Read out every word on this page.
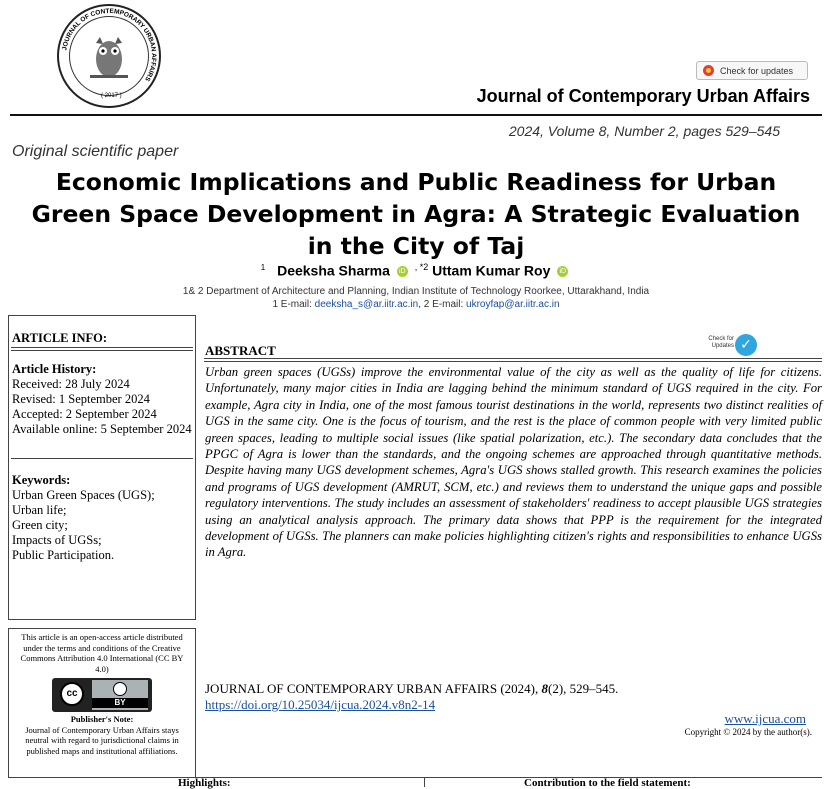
JOURNAL OF CONTEMPORARY URBAN AFFAIRS
( 2017 )
Check for updates
Journal of Contemporary Urban Affairs
2024, Volume 8, Number 2, pages 529–545
Original scientific paper
Economic Implications and Public Readiness for Urban
Green Space Development in Agra: A Strategic Evaluation
in the City of Taj
$^1$ Deeksha Sharma iD $^{, *2}$ Uttam Kumar Roy iD
1& 2 Department of Architecture and Planning, Indian Institute of Technology Roorkee, Uttarakhand, India
1 E-mail: deeksha_s@ar.iitr.ac.in, 2 E-mail: ukroyfap@ar.iitr.ac.in
ARTICLE INFO:
Article History:
Received: 28 July 2024
Revised: 1 September 2024
Accepted: 2 September 2024
Available online: 5 September 2024
Keywords:
Urban Green Spaces (UGS);
Urban life;
Green city;
Impacts of UGSs;
Public Participation.
This article is an open-access article distributed under the terms and conditions of the Creative Commons Attribution 4.0 International (CC BY 4.0)
cc
BY
Publisher's Note:
Journal of Contemporary Urban Affairs stays neutral with regard to jurisdictional claims in published maps and institutional affiliations.
Check for Updates ✓
ABSTRACT
Urban green spaces (UGSs) improve the environmental value of the city as well as the quality of life for citizens. Unfortunately, many major cities in India are lagging behind the minimum standard of UGS required in the city. For example, Agra city in India, one of the most famous tourist destinations in the world, represents two distinct realities of UGS in the same city. One is the focus of tourism, and the rest is the place of common people with very limited public green spaces, leading to multiple social issues (like spatial polarization, etc.). The secondary data concludes that the PPGC of Agra is lower than the standards, and the ongoing schemes are approached through quantitative methods. Despite having many UGS development schemes, Agra's UGS shows stalled growth. This research examines the policies and programs of UGS development (AMRUT, SCM, etc.) and reviews them to understand the unique gaps and possible regulatory interventions. The study includes an assessment of stakeholders' readiness to accept plausible UGS strategies using an analytical analysis approach. The primary data shows that PPP is the requirement for the integrated development of UGSs. The planners can make policies highlighting citizen's rights and responsibilities to enhance UGSs in Agra.
JOURNAL OF CONTEMPORARY URBAN AFFAIRS (2024), 8(2), 529–545.
https://doi.org/10.25034/ijcua.2024.v8n2-14
www.ijcua.com
Copyright © 2024 by the author(s).
Highlights:	Contribution to the field statement:
